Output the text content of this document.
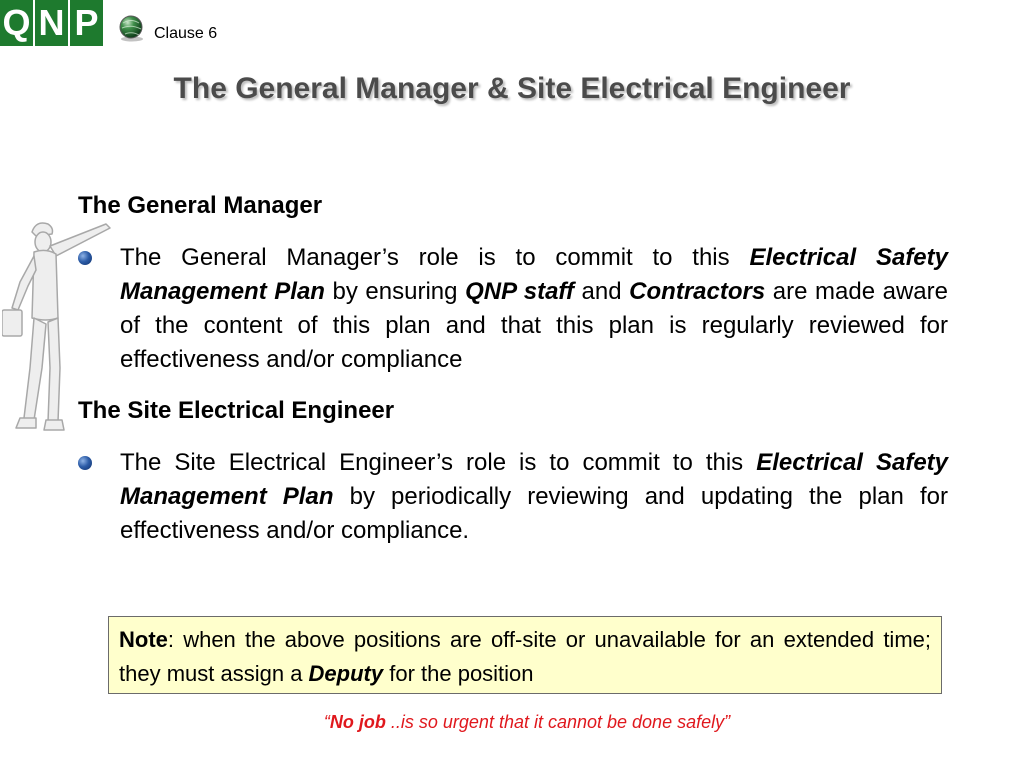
Q N P	Clause 6
The General Manager & Site Electrical Engineer
The General Manager
The General Manager’s role is to commit to this Electrical Safety Management Plan by ensuring QNP staff and Contractors are made aware of the content of this plan and that this plan is regularly reviewed for effectiveness and/or compliance
The Site Electrical Engineer
The Site Electrical Engineer’s role is to commit to this Electrical Safety Management Plan by periodically reviewing and updating the plan for effectiveness and/or compliance.
Note: when the above positions are off-site or unavailable for an extended time; they must assign a Deputy for the position
“No job ..is so urgent that it cannot be done safely”
